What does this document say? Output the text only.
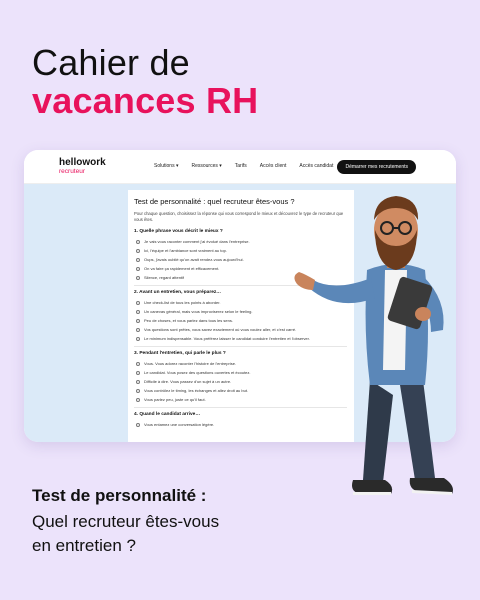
Cahier de
vacances RH
hellowork
recruteur
Solutions ▾	Ressources ▾	Tarifs	Accès client	Accès candidat	Démarrer mes recrutements
Test de personnalité : quel recruteur êtes-vous ?
Pour chaque question, choisissez la réponse qui vous correspond le mieux et découvrez le type de recruteur que vous êtes.
1. Quelle phrase vous décrit le mieux ?
Je vais vous raconter comment j'ai évolué dans l'entreprise.
Ici, l'équipe et l'ambiance sont vraiment au top.
Oups, j'avais oublié qu'on avait rendez-vous aujourd'hui.
On va faire ça rapidement et efficacement.
Silence, regard attentif
2. Avant un entretien, vous préparez…
Une check-list de tous les points à aborder.
Un canevas général, mais vous improviserez selon le feeling.
Peu de choses, et vous parlez dans tous les sens.
Vos questions sont prêtes, vous savez exactement où vous voulez aller, et c'est carré.
Le minimum indispensable. Vous préférez laisser le candidat conduire l'entretien et l'observer.
3. Pendant l'entretien, qui parle le plus ?
Vous. Vous adorez raconter l'histoire de l'entreprise.
Le candidat. Vous posez des questions ouvertes et écoutez.
Difficile à dire. Vous passez d'un sujet à un autre.
Vous contrôlez le timing, les échanges et allez droit au but.
Vous parlez peu, juste ce qu'il faut.
4. Quand le candidat arrive…
Vous entamez une conversation légère.
Test de personnalité :
Quel recruteur êtes-vous
en entretien ?
